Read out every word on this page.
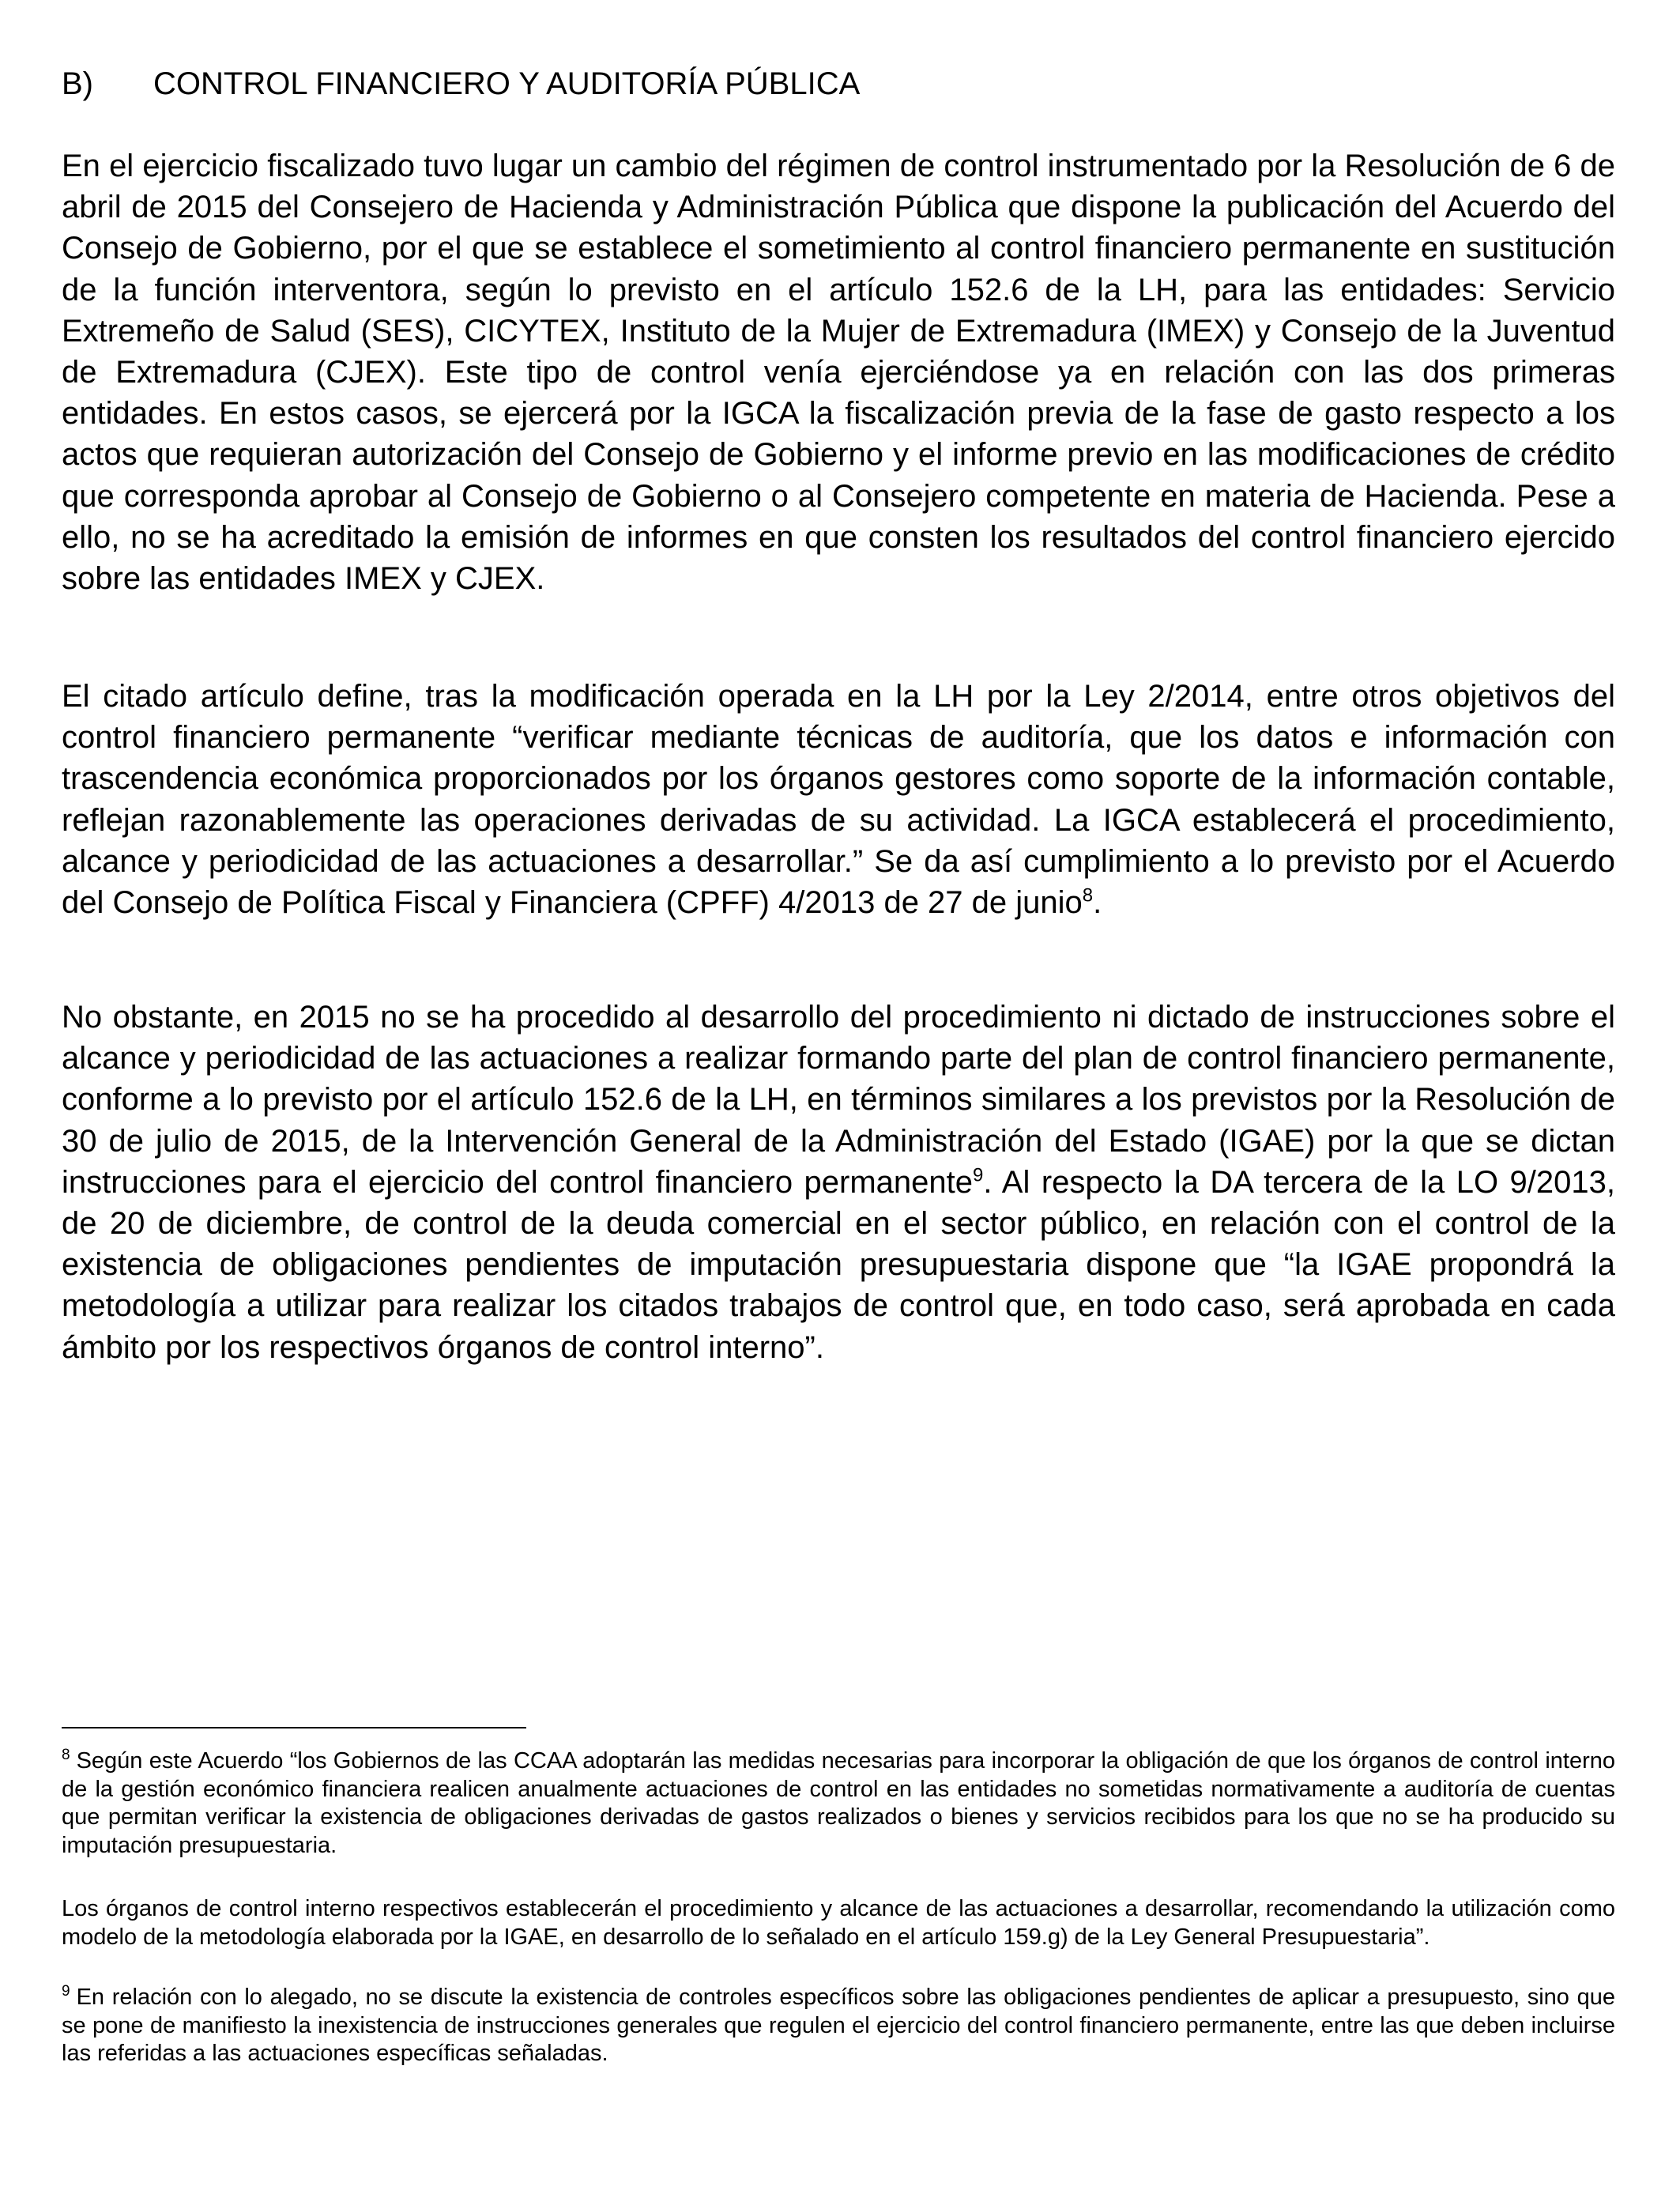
B) CONTROL FINANCIERO Y AUDITORÍA PÚBLICA

En el ejercicio fiscalizado tuvo lugar un cambio del régimen de control instrumentado por la Resolución de 6 de abril de 2015 del Consejero de Hacienda y Administración Pública que dispone la publicación del Acuerdo del Consejo de Gobierno, por el que se establece el sometimiento al control financiero permanente en sustitución de la función interventora, según lo previsto en el artículo 152.6 de la LH, para las entidades: Servicio Extremeño de Salud (SES), CICYTEX, Instituto de la Mujer de Extremadura (IMEX) y Consejo de la Juventud de Extremadura (CJEX). Este tipo de control venía ejerciéndose ya en relación con las dos primeras entidades. En estos casos, se ejercerá por la IGCA la fiscalización previa de la fase de gasto respecto a los actos que requieran autorización del Consejo de Gobierno y el informe previo en las modificaciones de crédito que corresponda aprobar al Consejo de Gobierno o al Consejero competente en materia de Hacienda. Pese a ello, no se ha acreditado la emisión de informes en que consten los resultados del control financiero ejercido sobre las entidades IMEX y CJEX.

El citado artículo define, tras la modificación operada en la LH por la Ley 2/2014, entre otros objetivos del control financiero permanente “verificar mediante técnicas de auditoría, que los datos e información con trascendencia económica proporcionados por los órganos gestores como soporte de la información contable, reflejan razonablemente las operaciones derivadas de su actividad. La IGCA establecerá el procedimiento, alcance y periodicidad de las actuaciones a desarrollar.” Se da así cumplimiento a lo previsto por el Acuerdo del Consejo de Política Fiscal y Financiera (CPFF) 4/2013 de 27 de junio$^8$.

No obstante, en 2015 no se ha procedido al desarrollo del procedimiento ni dictado de instrucciones sobre el alcance y periodicidad de las actuaciones a realizar formando parte del plan de control financiero permanente, conforme a lo previsto por el artículo 152.6 de la LH, en términos similares a los previstos por la Resolución de 30 de julio de 2015, de la Intervención General de la Administración del Estado (IGAE) por la que se dictan instrucciones para el ejercicio del control financiero permanente$^9$. Al respecto la DA tercera de la LO 9/2013, de 20 de diciembre, de control de la deuda comercial en el sector público, en relación con el control de la existencia de obligaciones pendientes de imputación presupuestaria dispone que “la IGAE propondrá la metodología a utilizar para realizar los citados trabajos de control que, en todo caso, será aprobada en cada ámbito por los respectivos órganos de control interno”.

$^8$ Según este Acuerdo “los Gobiernos de las CCAA adoptarán las medidas necesarias para incorporar la obligación de que los órganos de control interno de la gestión económico financiera realicen anualmente actuaciones de control en las entidades no sometidas normativamente a auditoría de cuentas que permitan verificar la existencia de obligaciones derivadas de gastos realizados o bienes y servicios recibidos para los que no se ha producido su imputación presupuestaria.

Los órganos de control interno respectivos establecerán el procedimiento y alcance de las actuaciones a desarrollar, recomendando la utilización como modelo de la metodología elaborada por la IGAE, en desarrollo de lo señalado en el artículo 159.g) de la Ley General Presupuestaria”.

$^9$ En relación con lo alegado, no se discute la existencia de controles específicos sobre las obligaciones pendientes de aplicar a presupuesto, sino que se pone de manifiesto la inexistencia de instrucciones generales que regulen el ejercicio del control financiero permanente, entre las que deben incluirse las referidas a las actuaciones específicas señaladas.
